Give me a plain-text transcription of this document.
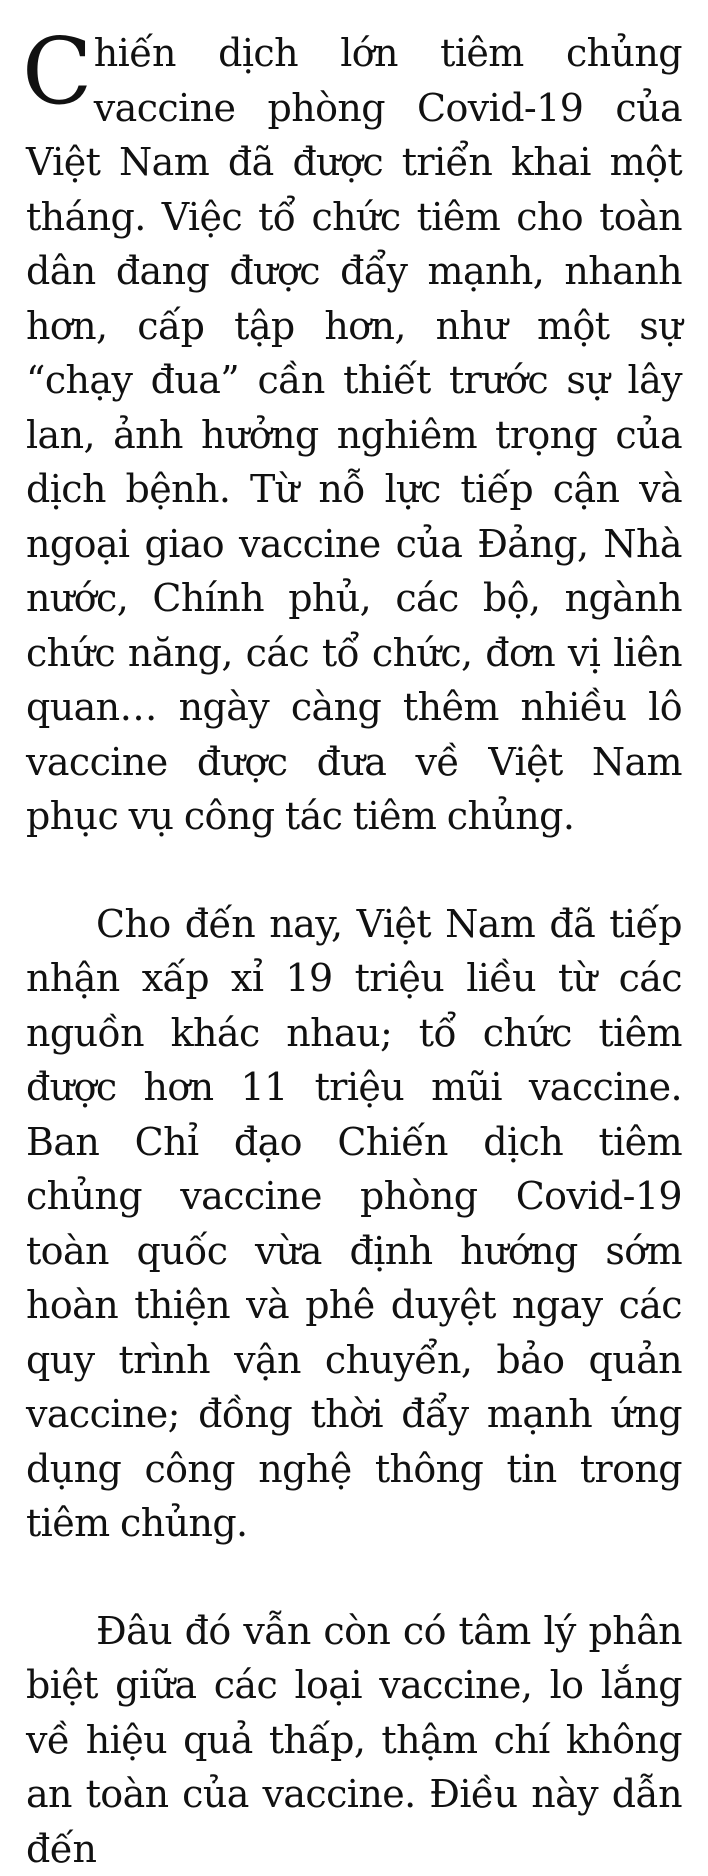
Chiến dịch lớn tiêm chủng vaccine phòng Covid-19 của Việt Nam đã được triển khai một tháng. Việc tổ chức tiêm cho toàn dân đang được đẩy mạnh, nhanh hơn, cấp tập hơn, như một sự “chạy đua” cần thiết trước sự lây lan, ảnh hưởng nghiêm trọng của dịch bệnh. Từ nỗ lực tiếp cận và ngoại giao vaccine của Đảng, Nhà nước, Chính phủ, các bộ, ngành chức năng, các tổ chức, đơn vị liên quan… ngày càng thêm nhiều lô vaccine được đưa về Việt Nam phục vụ công tác tiêm chủng.

Cho đến nay, Việt Nam đã tiếp nhận xấp xỉ 19 triệu liều từ các nguồn khác nhau; tổ chức tiêm được hơn 11 triệu mũi vaccine. Ban Chỉ đạo Chiến dịch tiêm chủng vaccine phòng Covid-19 toàn quốc vừa định hướng sớm hoàn thiện và phê duyệt ngay các quy trình vận chuyển, bảo quản vaccine; đồng thời đẩy mạnh ứng dụng công nghệ thông tin trong tiêm chủng.

Đâu đó vẫn còn có tâm lý phân biệt giữa các loại vaccine, lo lắng về hiệu quả thấp, thậm chí không an toàn của vaccine. Điều này dẫn đến
